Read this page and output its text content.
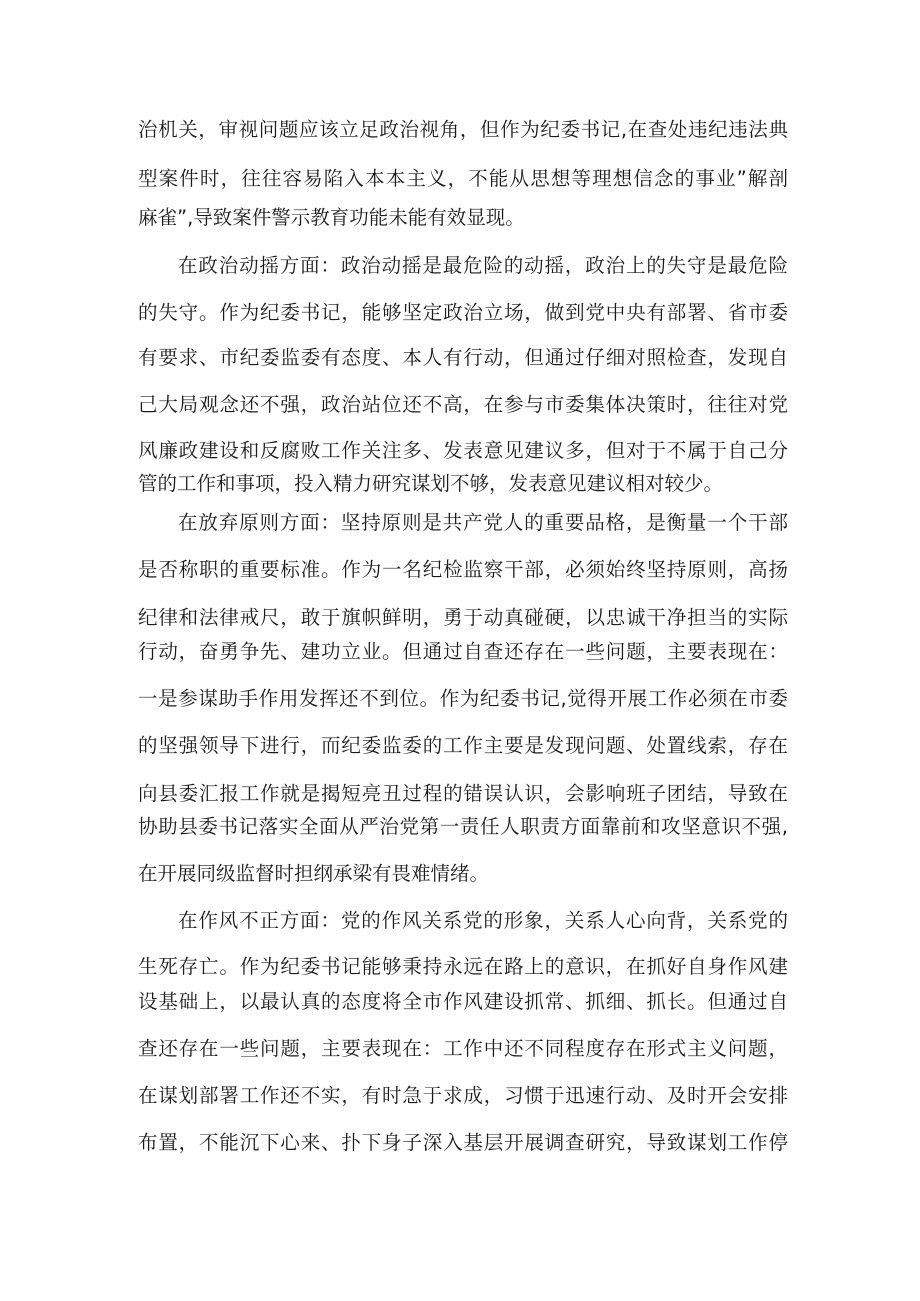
治机关，审视问题应该立足政治视角，但作为纪委书记,在查处违纪违法典
型案件时，往往容易陷入本本主义，不能从思想等理想信念的事业”解剖
麻雀”,导致案件警示教育功能未能有效显现。
在政治动摇方面：政治动摇是最危险的动摇，政治上的失守是最危险
的失守。作为纪委书记，能够坚定政治立场，做到党中央有部署、省市委
有要求、市纪委监委有态度、本人有行动，但通过仔细对照检查，发现自
己大局观念还不强，政治站位还不高，在参与市委集体决策时，往往对党
风廉政建设和反腐败工作关注多、发表意见建议多，但对于不属于自己分
管的工作和事项，投入精力研究谋划不够，发表意见建议相对较少。
在放弃原则方面：坚持原则是共产党人的重要品格，是衡量一个干部
是否称职的重要标准。作为一名纪检监察干部，必须始终坚持原则，高扬
纪律和法律戒尺，敢于旗帜鲜明，勇于动真碰硬，以忠诚干净担当的实际
行动，奋勇争先、建功立业。但通过自查还存在一些问题，主要表现在：
一是参谋助手作用发挥还不到位。作为纪委书记,觉得开展工作必须在市委
的坚强领导下进行，而纪委监委的工作主要是发现问题、处置线索，存在
向县委汇报工作就是揭短亮丑过程的错误认识，会影响班子团结，导致在
协助县委书记落实全面从严治党第一责任人职责方面靠前和攻坚意识不强,
在开展同级监督时担纲承梁有畏难情绪。
在作风不正方面：党的作风关系党的形象，关系人心向背，关系党的
生死存亡。作为纪委书记能够秉持永远在路上的意识，在抓好自身作风建
设基础上，以最认真的态度将全市作风建设抓常、抓细、抓长。但通过自
查还存在一些问题，主要表现在：工作中还不同程度存在形式主义问题，
在谋划部署工作还不实，有时急于求成，习惯于迅速行动、及时开会安排
布置，不能沉下心来、扑下身子深入基层开展调查研究，导致谋划工作停
